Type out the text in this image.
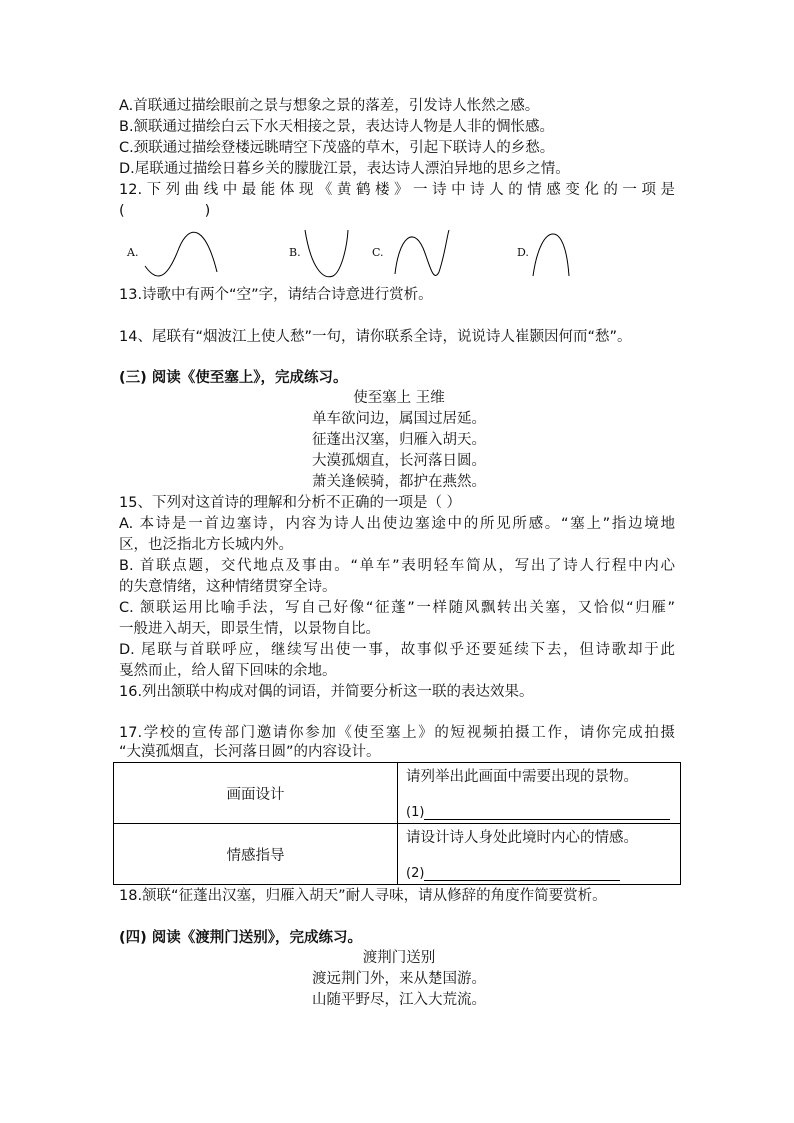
A.首联通过描绘眼前之景与想象之景的落差，引发诗人怅然之感。
B.颔联通过描绘白云下水天相接之景，表达诗人物是人非的惆怅感。
C.颈联通过描绘登楼远眺晴空下茂盛的草木，引起下联诗人的乡愁。
D.尾联通过描绘日暮乡关的朦胧江景，表达诗人漂泊异地的思乡之情。
12.下列曲线中最能体现《黄鹤楼》一诗中诗人的情感变化的一项是
(	)
A.	B.	C.	D.
13.诗歌中有两个“空”字，请结合诗意进行赏析。
14、尾联有“烟波江上使人愁”一句，请你联系全诗，说说诗人崔颢因何而“愁”。
(三) 阅读《使至塞上》，完成练习。
使至塞上 王维
单车欲问边，属国过居延。
征蓬出汉塞，归雁入胡天。
大漠孤烟直，长河落日圆。
萧关逢候骑，都护在燕然。
15、下列对这首诗的理解和分析不正确的一项是（ ）
A. 本诗是一首边塞诗，内容为诗人出使边塞途中的所见所感。“塞上”指边境地
区，也泛指北方长城内外。
B. 首联点题，交代地点及事由。“单车”表明轻车简从，写出了诗人行程中内心
的失意情绪，这种情绪贯穿全诗。
C. 颔联运用比喻手法，写自己好像“征蓬”一样随风飘转出关塞，又恰似“归雁”
一般进入胡天，即景生情，以景物自比。
D. 尾联与首联呼应，继续写出使一事，故事似乎还要延续下去，但诗歌却于此
戛然而止，给人留下回味的余地。
16.列出颔联中构成对偶的词语，并简要分析这一联的表达效果。
17.学校的宣传部门邀请你参加《使至塞上》的短视频拍摄工作，请你完成拍摄
“大漠孤烟直，长河落日圆”的内容设计。
画面设计	请列举出此画面中需要出现的景物。
(1)

情感指导	请设计诗人身处此境时内心的情感。
(2)
18.颔联“征蓬出汉塞，归雁入胡天”耐人寻味，请从修辞的角度作简要赏析。
(四) 阅读《渡荆门送别》，完成练习。
渡荆门送别
渡远荆门外，来从楚国游。
山随平野尽，江入大荒流。
